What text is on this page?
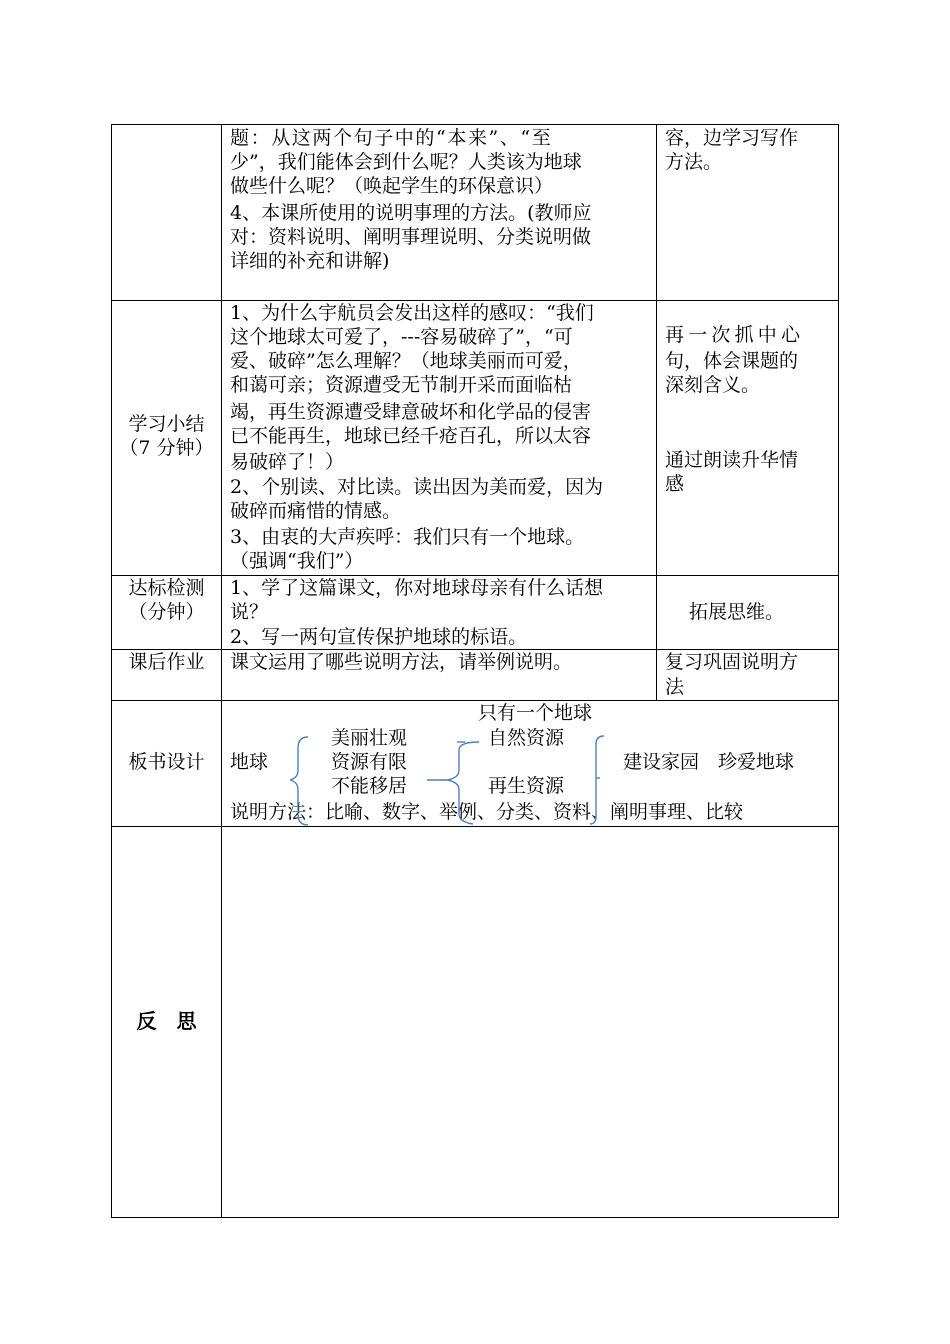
题：从这两个句子中的“本来”、“至
少”，我们能体会到什么呢？人类该为地球
做些什么呢？（唤起学生的环保意识）
4、本课所使用的说明事理的方法。(教师应
对：资料说明、阐明事理说明、分类说明做
详细的补充和讲解)
容，边学习写作
方法。
学习小结
（7 分钟）
1、为什么宇航员会发出这样的感叹：“我们
这个地球太可爱了，---容易破碎了”，“可
爱、破碎”怎么理解？（地球美丽而可爱，
和蔼可亲；资源遭受无节制开采而面临枯
竭，再生资源遭受肆意破坏和化学品的侵害
已不能再生，地球已经千疮百孔，所以太容
易破碎了！）
2、个别读、对比读。读出因为美而爱，因为
破碎而痛惜的情感。
3、由衷的大声疾呼：我们只有一个地球。
（强调“我们”）
再一次抓中心
句，体会课题的
深刻含义。
通过朗读升华情
感
达标检测
（分钟）
1、学了这篇课文，你对地球母亲有什么话想
说？
2、写一两句宣传保护地球的标语。
拓展思维。
课后作业	课文运用了哪些说明方法，请举例说明。	复习巩固说明方
法
板书设计
只有一个地球
地球
美丽壮观
资源有限
不能移居
自然资源
再生资源
建设家园　珍爱地球
说明方法：比喻、数字、举例、分类、资料、阐明事理、比较
反　思
